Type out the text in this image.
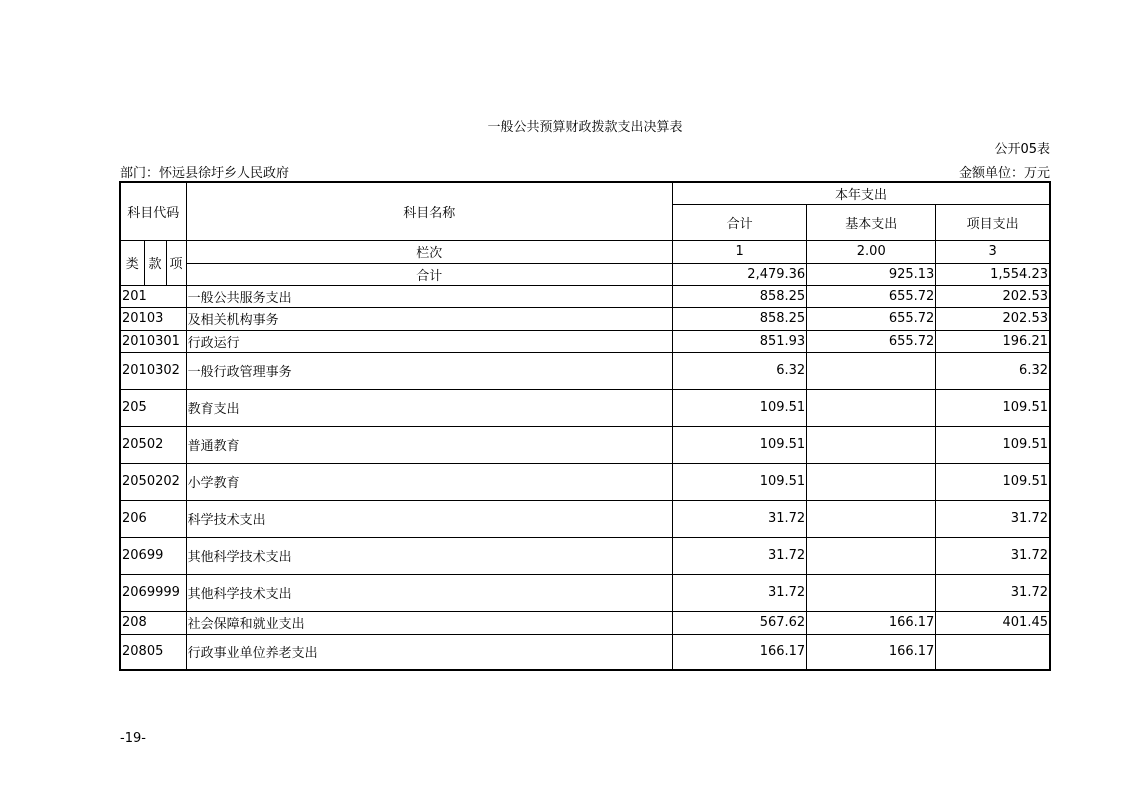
一般公共预算财政拨款支出决算表
公开05表
部门：怀远县徐圩乡人民政府	金额单位：万元
科目代码			科目名称	本年支出		
				合计	基本支出	项目支出

类	款	项	栏次	1	2.00	3
			合计	2,479.36	925.13	1,554.23
201			一般公共服务支出	858.25	655.72	202.53
20103			及相关机构事务	858.25	655.72	202.53
2010301			行政运行	851.93	655.72	196.21
2010302			一般行政管理事务	6.32		6.32
205			教育支出	109.51		109.51
20502			普通教育	109.51		109.51
2050202			小学教育	109.51		109.51
206			科学技术支出	31.72		31.72
20699			其他科学技术支出	31.72		31.72
2069999			其他科学技术支出	31.72		31.72
208			社会保障和就业支出	567.62	166.17	401.45
20805			行政事业单位养老支出	166.17	166.17	
-19-
